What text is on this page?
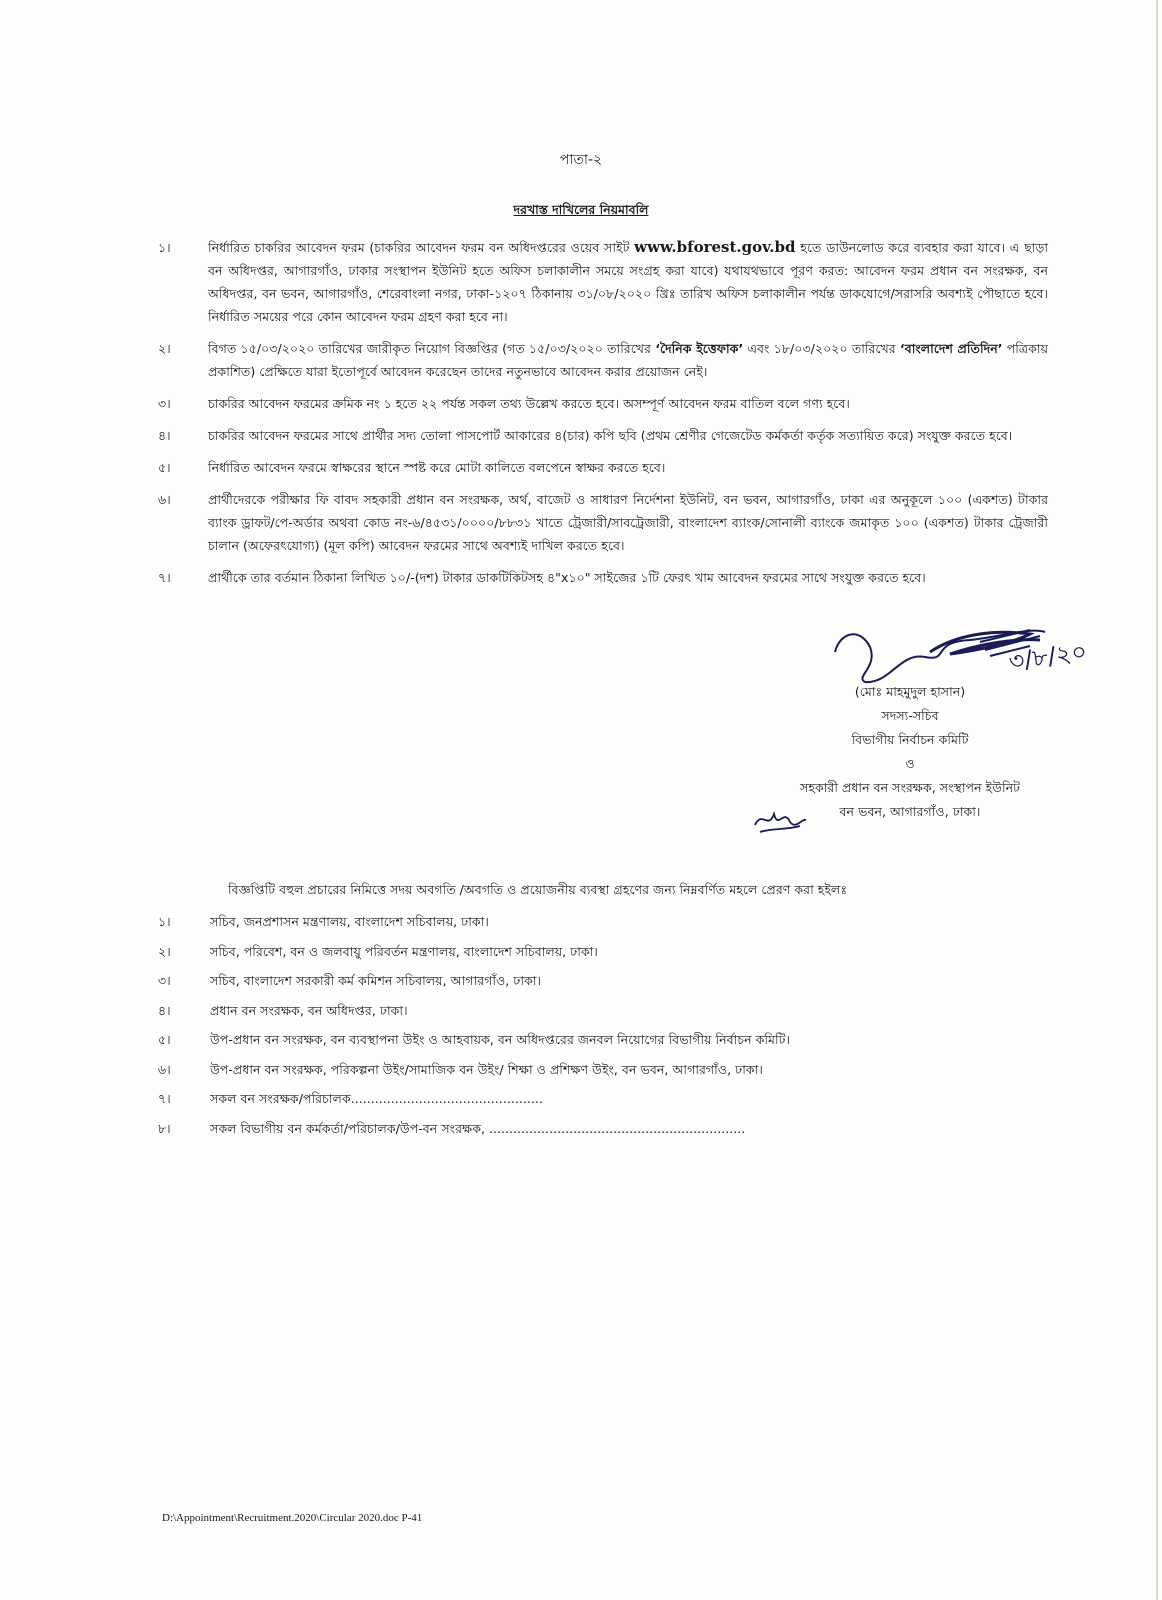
পাতা-২
দরখাস্ত দাখিলের নিয়মাবলি
১।	নির্ধারিত চাকরির আবেদন ফরম (চাকরির আবেদন ফরম বন অধিদপ্তরের ওয়েব সাইট www.bforest.gov.bd হতে ডাউনলোড করে ব্যবহার করা যাবে। এ ছাড়া বন অধিদপ্তর, আগারগাঁও, ঢাকার সংস্থাপন ইউনিট হতে অফিস চলাকালীন সময়ে সংগ্রহ করা যাবে) যথাযথভাবে পূরণ করত: আবেদন ফরম প্রধান বন সংরক্ষক, বন অধিদপ্তর, বন ভবন, আগারগাঁও, শেরেবাংলা নগর, ঢাকা-১২০৭ ঠিকানায় ৩১/০৮/২০২০ খ্রিঃ তারিখ অফিস চলাকালীন পর্যন্ত ডাকযোগে/সরাসরি অবশ্যই পৌছাতে হবে। নির্ধারিত সময়ের পরে কোন আবেদন ফরম গ্রহণ করা হবে না।
২।	বিগত ১৫/০৩/২০২০ তারিখের জারীকৃত নিয়োগ বিজ্ঞপ্তির (গত ১৫/০৩/২০২০ তারিখের ‘দৈনিক ইত্তেফাক’ এবং ১৮/০৩/২০২০ তারিখের ‘বাংলাদেশ প্রতিদিন’ পত্রিকায় প্রকাশিত) প্রেক্ষিতে যারা ইতোপূর্বে আবেদন করেছেন তাদের নতুনভাবে আবেদন করার প্রয়োজন নেই।
৩।	চাকরির আবেদন ফরমের ক্রমিক নং ১ হতে ২২ পর্যন্ত সকল তথ্য উল্লেখ করতে হবে। অসম্পূর্ণ আবেদন ফরম বাতিল বলে গণ্য হবে।
৪।	চাকরির আবেদন ফরমের সাথে প্রার্থীর সদ্য তোলা পাসপোর্ট আকারের ৪(চার) কপি ছবি (প্রথম শ্রেণীর গেজেটেড কর্মকর্তা কর্তৃক সত্যায়িত করে) সংযুক্ত করতে হবে।
৫।	নির্ধারিত আবেদন ফরমে স্বাক্ষরের স্থানে স্পষ্ট করে মোটা কালিতে বলপেনে স্বাক্ষর করতে হবে।
৬।	প্রার্থীদেরকে পরীক্ষার ফি বাবদ সহকারী প্রধান বন সংরক্ষক, অর্থ, বাজেট ও সাধারণ নির্দেশনা ইউনিট, বন ভবন, আগারগাঁও, ঢাকা এর অনুকূলে ১০০ (একশত) টাকার ব্যাংক ড্রাফট/পে-অর্ডার অথবা কোড নং-৬/৪৫৩১/০০০০/৮৮৩১ খাতে ট্রেজারী/সাবট্রেজারী, বাংলাদেশ ব্যাংক/সোনালী ব্যাংকে জমাকৃত ১০০ (একশত) টাকার ট্রেজারী চালান (অফেরৎযোগ্য) (মূল কপি) আবেদন ফরমের সাথে অবশ্যই দাখিল করতে হবে।
৭।	প্রার্থীকে তার বর্তমান ঠিকানা লিখিত ১০/-(দশ) টাকার ডাকটিকিটসহ ৪"x১০" সাইজের ১টি ফেরৎ খাম আবেদন ফরমের সাথে সংযুক্ত করতে হবে।
৩/৮/২০
(মোঃ মাহমুদুল হাসান)
সদস্য-সচিব
বিভাগীয় নির্বাচন কমিটি
ও
সহকারী প্রধান বন সংরক্ষক, সংস্থাপন ইউনিট
বন ভবন, আগারগাঁও, ঢাকা।
বিজ্ঞপ্তিটি বহুল প্রচারের নিমিত্তে সদয় অবগতি /অবগতি ও প্রয়োজনীয় ব্যবস্থা গ্রহণের জন্য নিম্নবর্ণিত মহলে প্রেরণ করা হইলঃ
১।	সচিব, জনপ্রশাসন মন্ত্রণালয়, বাংলাদেশ সচিবালয়, ঢাকা।
২।	সচিব, পরিবেশ, বন ও জলবায়ু পরিবর্তন মন্ত্রণালয়, বাংলাদেশ সচিবালয়, ঢাকা।
৩।	সচিব, বাংলাদেশ সরকারী কর্ম কমিশন সচিবালয়, আগারগাঁও, ঢাকা।
৪।	প্রধান বন সংরক্ষক, বন অধিদপ্তর, ঢাকা।
৫।	উপ-প্রধান বন সংরক্ষক, বন ব্যবস্থাপনা উইং ও আহবায়ক, বন অধিদপ্তরের জনবল নিয়োগের বিভাগীয় নির্বাচন কমিটি।
৬।	উপ-প্রধান বন সংরক্ষক, পরিকল্পনা উইং/সামাজিক বন উইং/ শিক্ষা ও প্রশিক্ষণ উইং, বন ভবন, আগারগাঁও, ঢাকা।
৭।	সকল বন সংরক্ষক/পরিচালক................................................
৮।	সকল বিভাগীয় বন কর্মকর্তা/পরিচালক/উপ-বন সংরক্ষক, ................................................................
D:\Appointment\Recruitment.2020\Circular 2020.doc P-41
